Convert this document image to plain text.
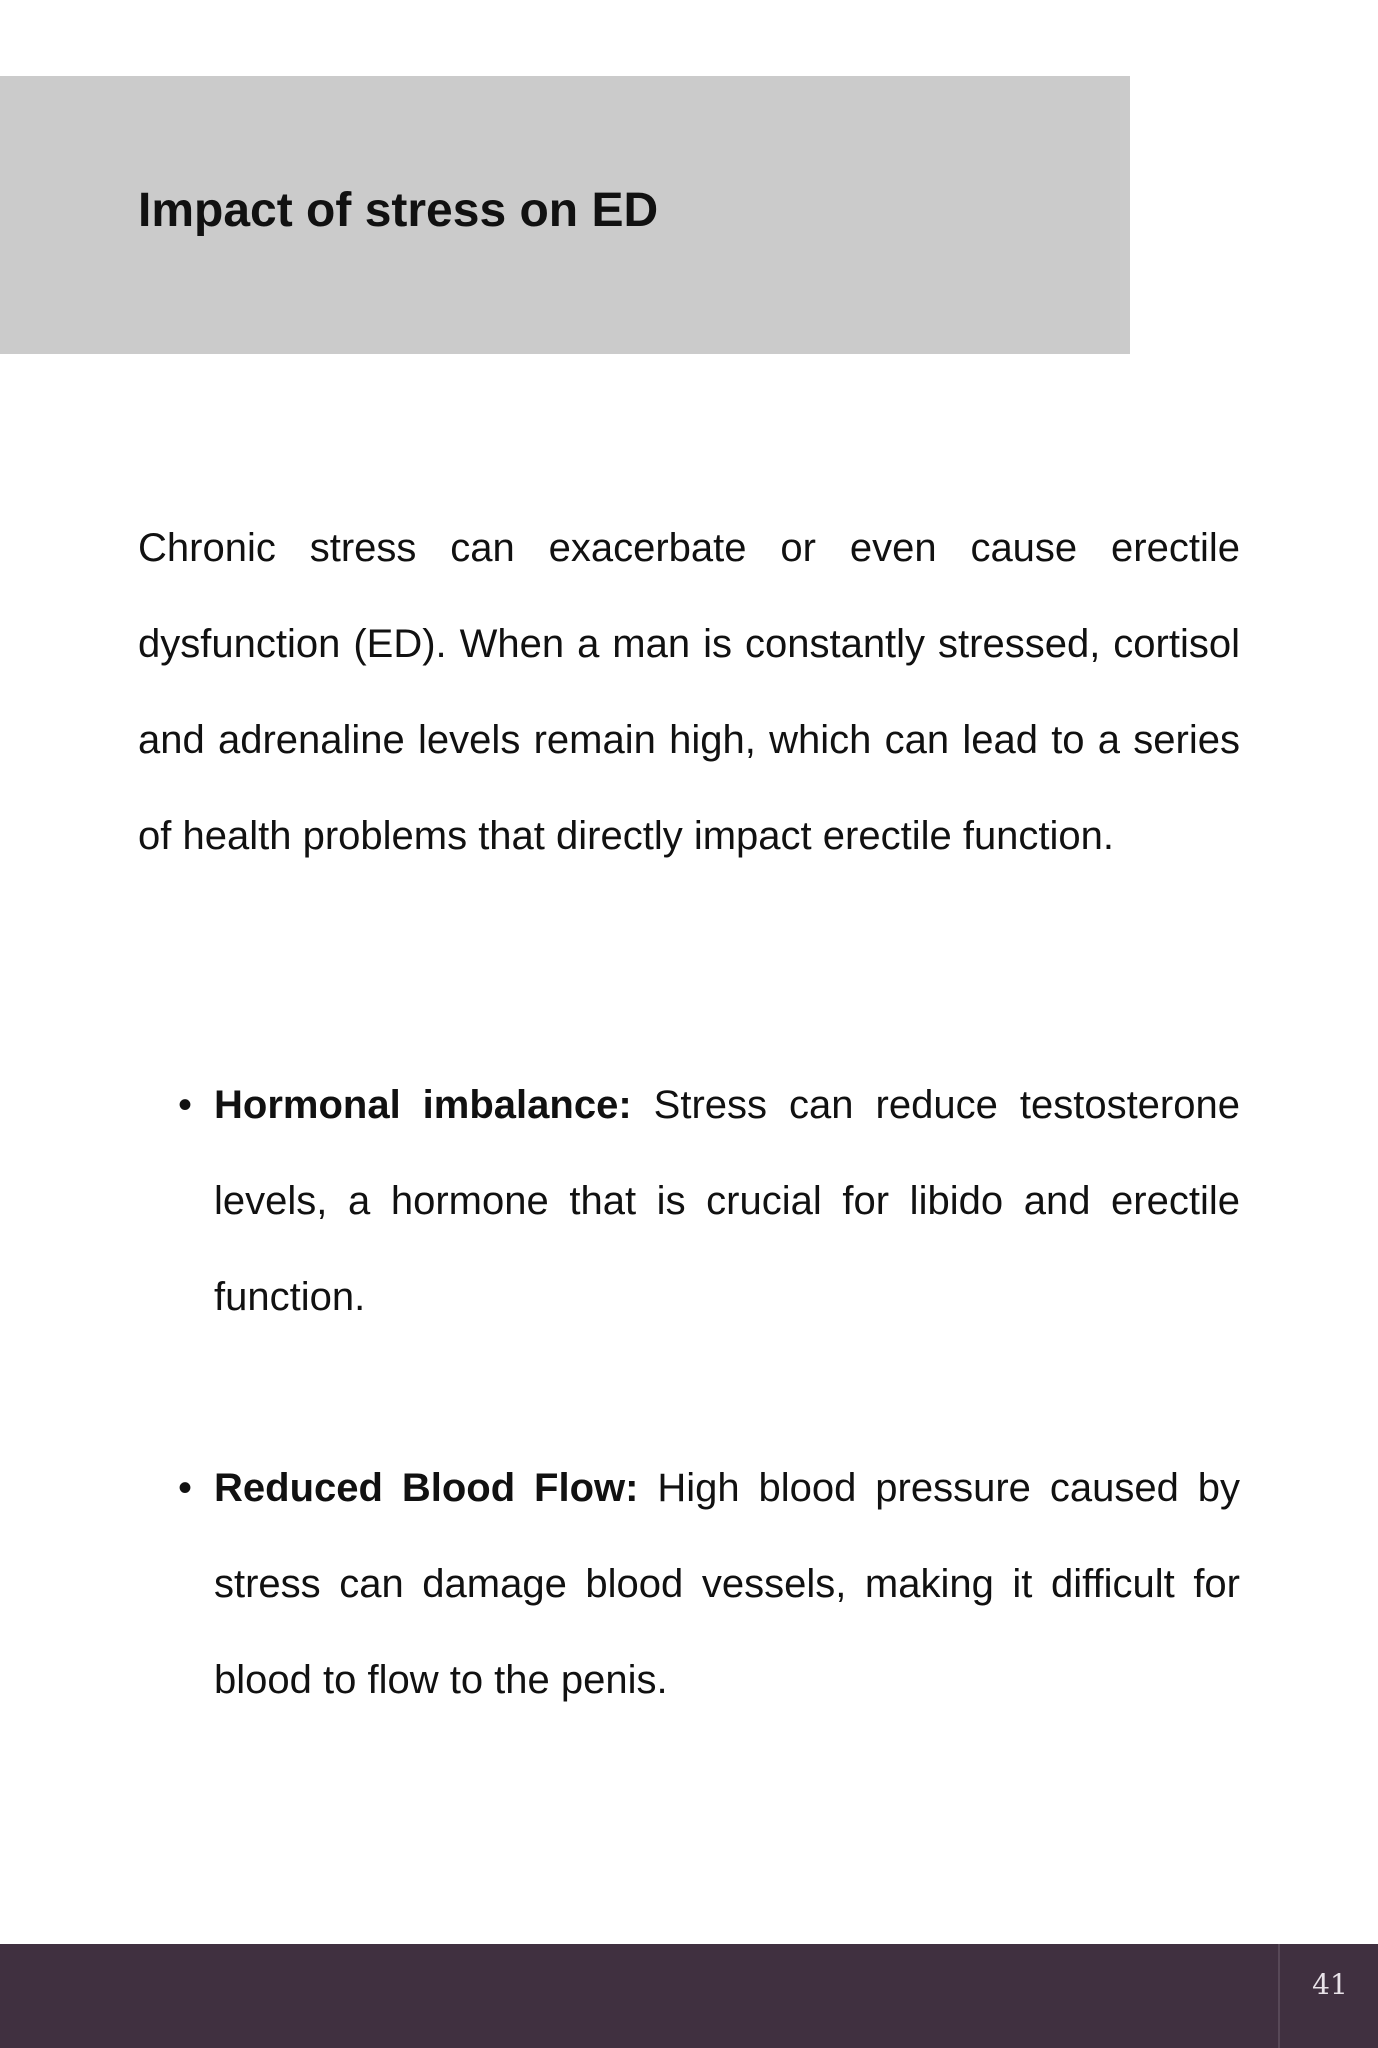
Impact of stress on ED

Chronic stress can exacerbate or even cause erectile dysfunction (ED). When a man is constantly stressed, cortisol and adrenaline levels remain high, which can lead to a series of health problems that directly impact erectile function.

• Hormonal imbalance: Stress can reduce testosterone levels, a hormone that is crucial for libido and erectile function.
• Reduced Blood Flow: High blood pressure caused by stress can damage blood vessels, making it difficult for blood to flow to the penis.
41
